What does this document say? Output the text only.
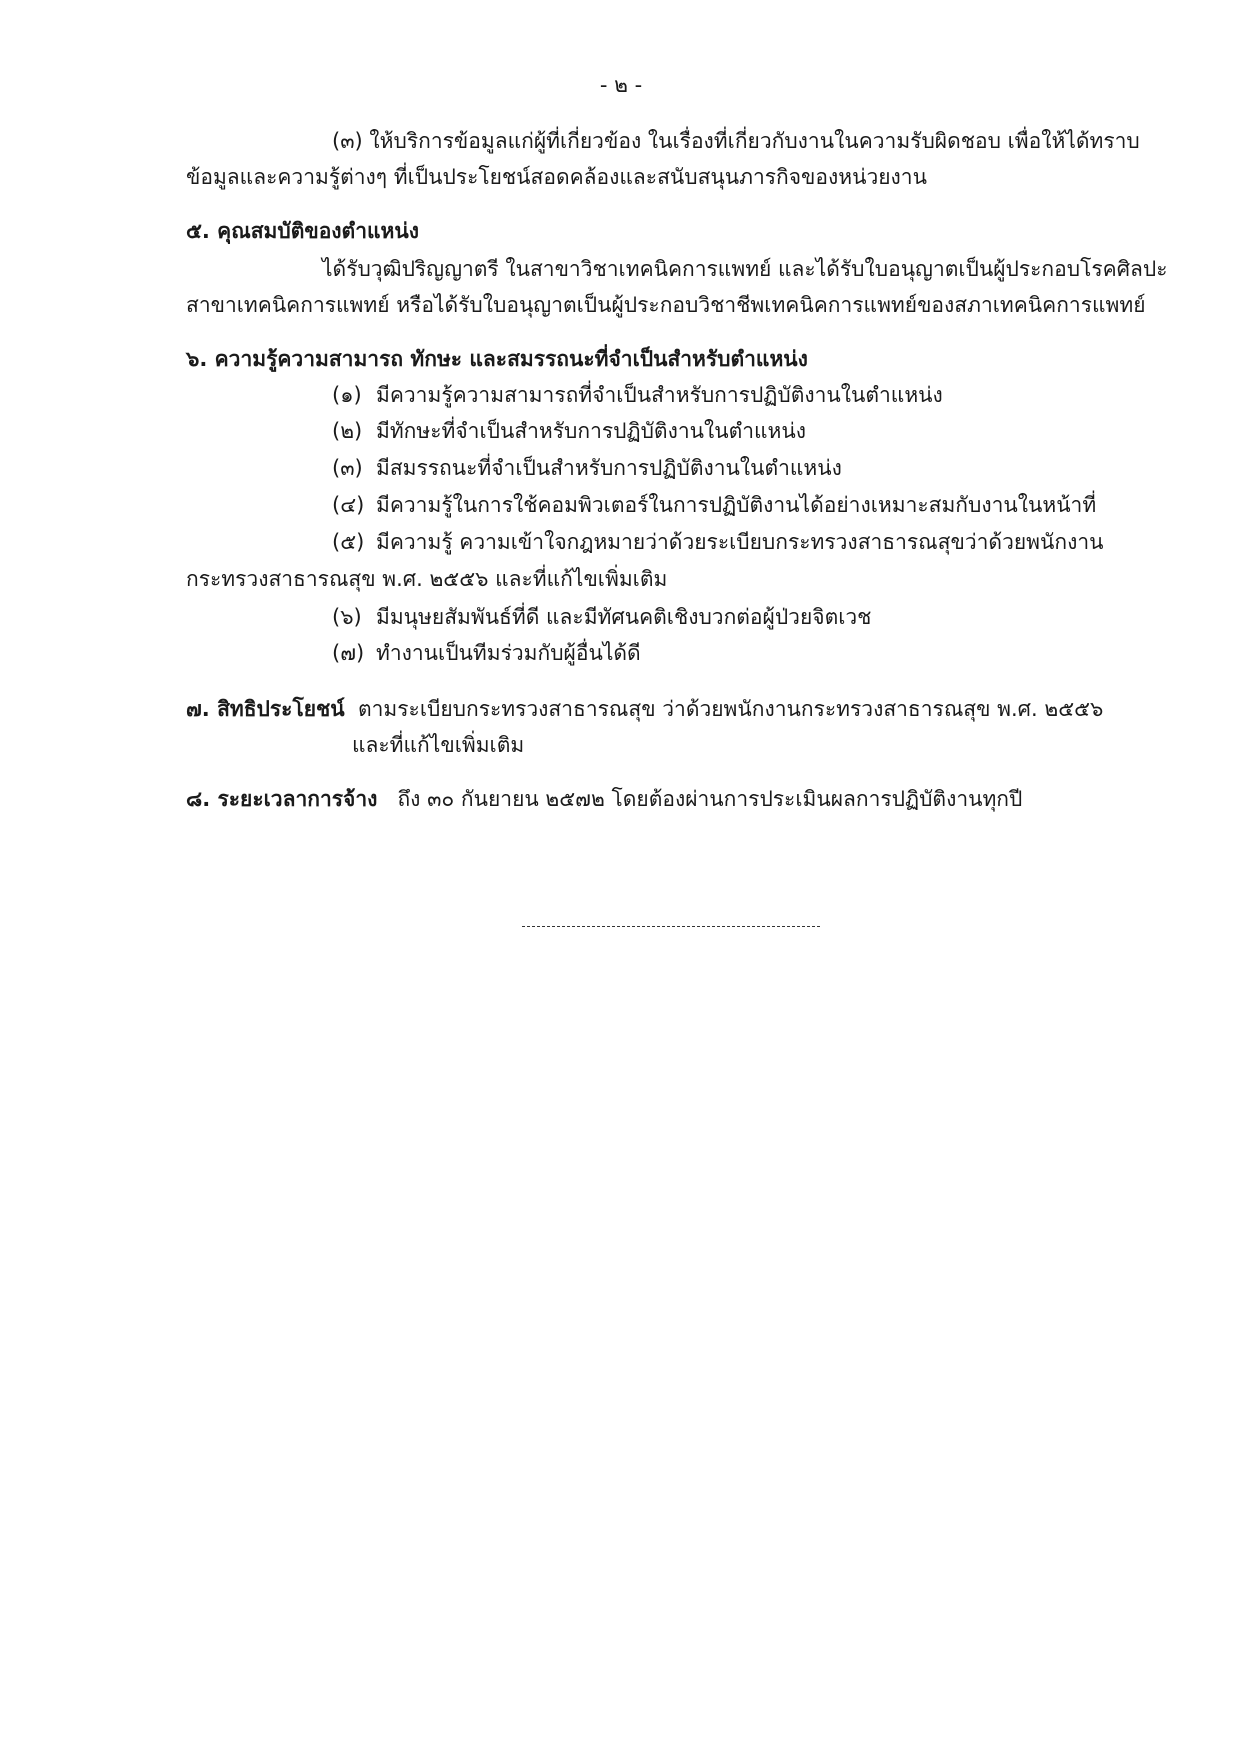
- ๒ -
(๓) ให้บริการข้อมูลแก่ผู้ที่เกี่ยวข้อง ในเรื่องที่เกี่ยวกับงานในความรับผิดชอบ เพื่อให้ได้ทราบ
ข้อมูลและความรู้ต่างๆ ที่เป็นประโยชน์สอดคล้องและสนับสนุนภารกิจของหน่วยงาน
๕. คุณสมบัติของตำแหน่ง
ได้รับวุฒิปริญญาตรี ในสาขาวิชาเทคนิคการแพทย์ และได้รับใบอนุญาตเป็นผู้ประกอบโรคศิลปะ
สาขาเทคนิคการแพทย์ หรือได้รับใบอนุญาตเป็นผู้ประกอบวิชาชีพเทคนิคการแพทย์ของสภาเทคนิคการแพทย์
๖. ความรู้ความสามารถ ทักษะ และสมรรถนะที่จำเป็นสำหรับตำแหน่ง
(๑) มีความรู้ความสามารถที่จำเป็นสำหรับการปฏิบัติงานในตำแหน่ง
(๒) มีทักษะที่จำเป็นสำหรับการปฏิบัติงานในตำแหน่ง
(๓) มีสมรรถนะที่จำเป็นสำหรับการปฏิบัติงานในตำแหน่ง
(๔) มีความรู้ในการใช้คอมพิวเตอร์ในการปฏิบัติงานได้อย่างเหมาะสมกับงานในหน้าที่
(๕) มีความรู้ ความเข้าใจกฎหมายว่าด้วยระเบียบกระทรวงสาธารณสุขว่าด้วยพนักงาน
กระทรวงสาธารณสุข พ.ศ. ๒๕๕๖ และที่แก้ไขเพิ่มเติม
(๖) มีมนุษยสัมพันธ์ที่ดี และมีทัศนคติเชิงบวกต่อผู้ป่วยจิตเวช
(๗) ทำงานเป็นทีมร่วมกับผู้อื่นได้ดี
๗. สิทธิประโยชน์ ตามระเบียบกระทรวงสาธารณสุข ว่าด้วยพนักงานกระทรวงสาธารณสุข พ.ศ. ๒๕๕๖
และที่แก้ไขเพิ่มเติม
๘. ระยะเวลาการจ้าง ถึง ๓๐ กันยายน ๒๕๗๒ โดยต้องผ่านการประเมินผลการปฏิบัติงานทุกปี
